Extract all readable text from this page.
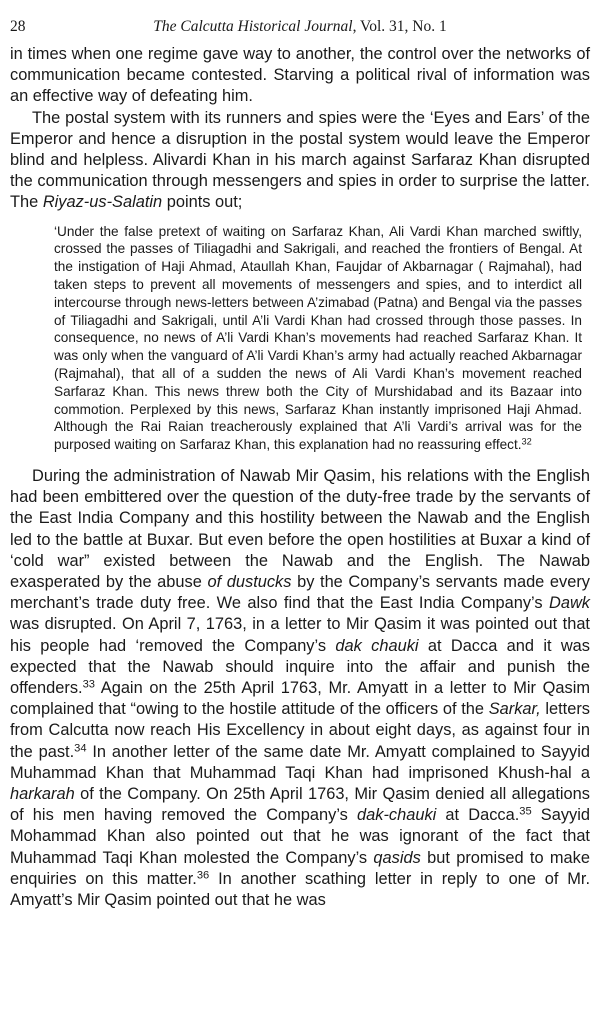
28	The Calcutta Historical Journal, Vol. 31, No. 1

in times when one regime gave way to another, the control over the networks of communication became contested. Starving a political rival of information was an effective way of defeating him.

The postal system with its runners and spies were the ‘Eyes and Ears’ of the Emperor and hence a disruption in the postal system would leave the Emperor blind and helpless. Alivardi Khan in his march against Sarfaraz Khan disrupted the communication through messengers and spies in order to surprise the latter. The Riyaz-us-Salatin points out;

‘Under the false pretext of waiting on Sarfaraz Khan, Ali Vardi Khan marched swiftly, crossed the passes of Tiliagadhi and Sakrigali, and reached the frontiers of Bengal. At the instigation of Haji Ahmad, Ataullah Khan, Faujdar of Akbarnagar ( Rajmahal), had taken steps to prevent all movements of messengers and spies, and to interdict all intercourse through news-letters between A’zimabad (Patna) and Bengal via the passes of Tiliagadhi and Sakrigali, until A’li Vardi Khan had crossed through those passes. In consequence, no news of A’li Vardi Khan’s movements had reached Sarfaraz Khan. It was only when the vanguard of A’li Vardi Khan’s army had actually reached Akbarnagar (Rajmahal), that all of a sudden the news of Ali Vardi Khan’s movement reached Sarfaraz Khan. This news threw both the City of Murshidabad and its Bazaar into commotion. Perplexed by this news, Sarfaraz Khan instantly imprisoned Haji Ahmad. Although the Rai Raian treacherously explained that A’li Vardi’s arrival was for the purposed waiting on Sarfaraz Khan, this explanation had no reassuring effect.$^{32}$

During the administration of Nawab Mir Qasim, his relations with the English had been embittered over the question of the duty-free trade by the servants of the East India Company and this hostility between the Nawab and the English led to the battle at Buxar. But even before the open hostilities at Buxar a kind of ‘cold war” existed between the Nawab and the English. The Nawab exasperated by the abuse of dustucks by the Company’s servants made every merchant’s trade duty free. We also find that the East India Company’s Dawk was disrupted. On April 7, 1763, in a letter to Mir Qasim it was pointed out that his people had ‘removed the Company’s dak chauki at Dacca and it was expected that the Nawab should inquire into the affair and punish the offenders.$^{33}$ Again on the 25th April 1763, Mr. Amyatt in a letter to Mir Qasim complained that “owing to the hostile attitude of the officers of the Sarkar, letters from Calcutta now reach His Excellency in about eight days, as against four in the past.$^{34}$ In another letter of the same date Mr. Amyatt complained to Sayyid Muhammad Khan that Muhammad Taqi Khan had imprisoned Khush-hal a harkarah of the Company. On 25th April 1763, Mir Qasim denied all allegations of his men having removed the Company’s dak-chauki at Dacca.$^{35}$ Sayyid Mohammad Khan also pointed out that he was ignorant of the fact that Muhammad Taqi Khan molested the Company’s qasids but promised to make enquiries on this matter.$^{36}$ In another scathing letter in reply to one of Mr. Amyatt’s Mir Qasim pointed out that he was
